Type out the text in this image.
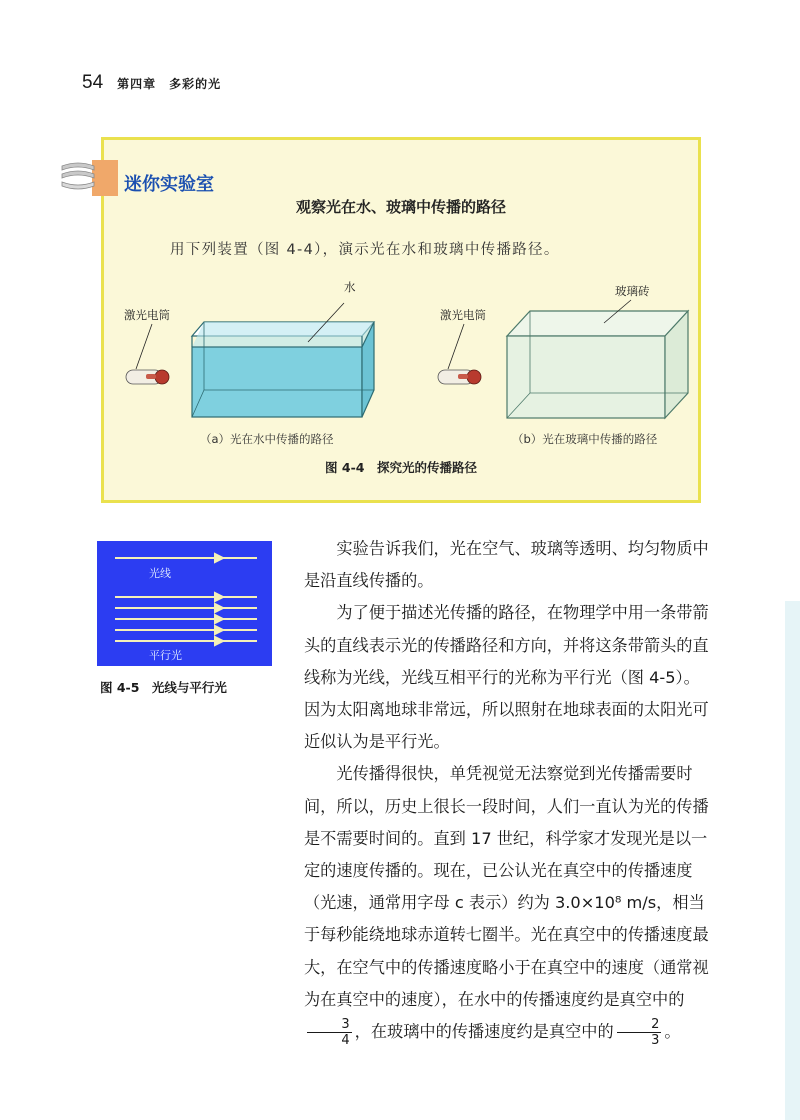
54 第四章　多彩的光
观察光在水、玻璃中传播的路径
用下列装置（图 4-4），演示光在水和玻璃中传播路径。
水
激光电筒	激光电筒
玻璃砖
（a）光在水中传播的路径	（b）光在玻璃中传播的路径
图 4-4　探究光的传播路径
迷你实验室
光线
平行光
图 4-5　光线与平行光

实验告诉我们，光在空气、玻璃等透明、均匀物质中是沿直线传播的。

为了便于描述光传播的路径，在物理学中用一条带箭头的直线表示光的传播路径和方向，并将这条带箭头的直线称为光线，光线互相平行的光称为平行光（图 4-5）。因为太阳离地球非常远，所以照射在地球表面的太阳光可近似认为是平行光。

光传播得很快，单凭视觉无法察觉到光传播需要时间，所以，历史上很长一段时间，人们一直认为光的传播是不需要时间的。直到 17 世纪，科学家才发现光是以一定的速度传播的。现在，已公认光在真空中的传播速度（光速，通常用字母 c 表示）约为 3.0×10⁸ m/s，相当于每秒能绕地球赤道转七圈半。光在真空中的传播速度最大，在空气中的传播速度略小于在真空中的速度（通常视为在真空中的速度），在水中的传播速度约是真空中的
$\frac{3}{4}$ ，在玻璃中的传播速度约是真空中的 $\frac{2}{3}$ 。
